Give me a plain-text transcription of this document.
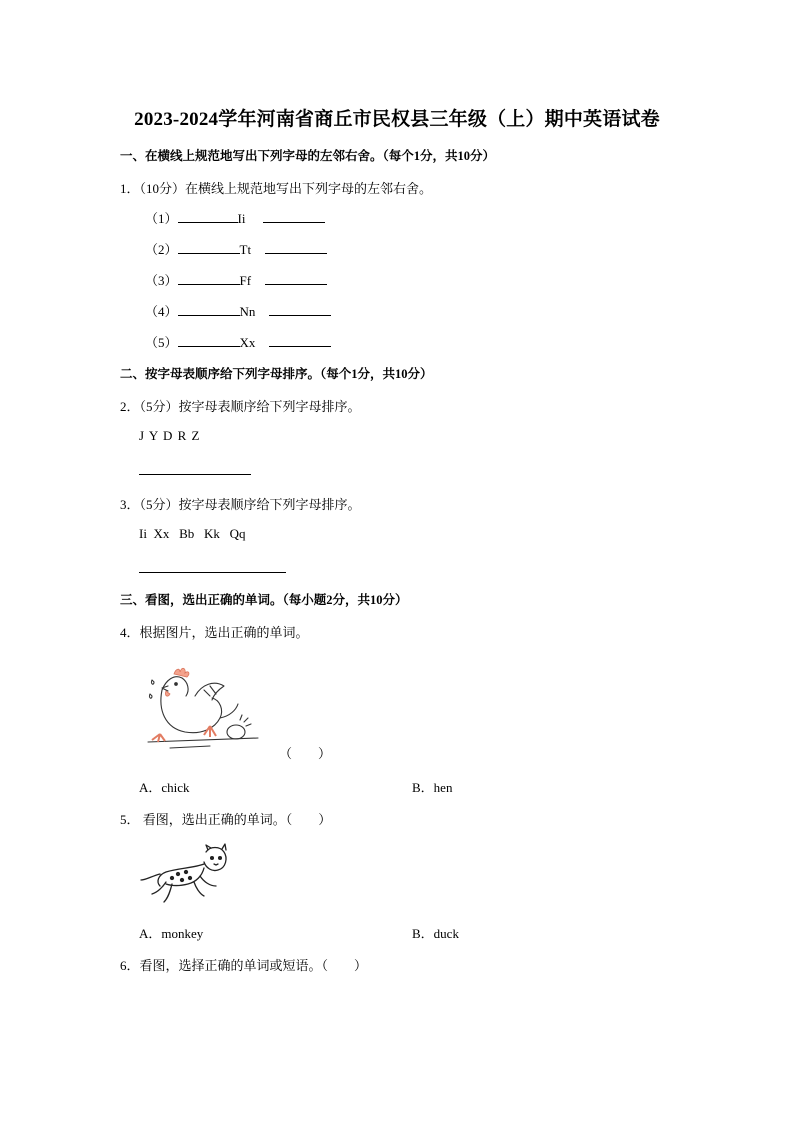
2023-2024学年河南省商丘市民权县三年级（上）期中英语试卷
一、在横线上规范地写出下列字母的左邻右舍。（每个1分，共10分）
1．（10分）在横线上规范地写出下列字母的左邻右舍。
（1）	Ii
（2）	Tt
（3）	Ff
（4）	Nn
（5）	Xx
二、按字母表顺序给下列字母排序。（每个1分，共10分）
2．（5分）按字母表顺序给下列字母排序。
J Y D R Z
3．（5分）按字母表顺序给下列字母排序。
Ii  Xx   Bb   Kk   Qq
三、看图，选出正确的单词。（每小题2分，共10分）
4．根据图片，选出正确的单词。
（　　）
A．chick	B．hen
5． 看图，选出正确的单词。（　　）
A．monkey	B．duck
6．看图，选择正确的单词或短语。（　　）
